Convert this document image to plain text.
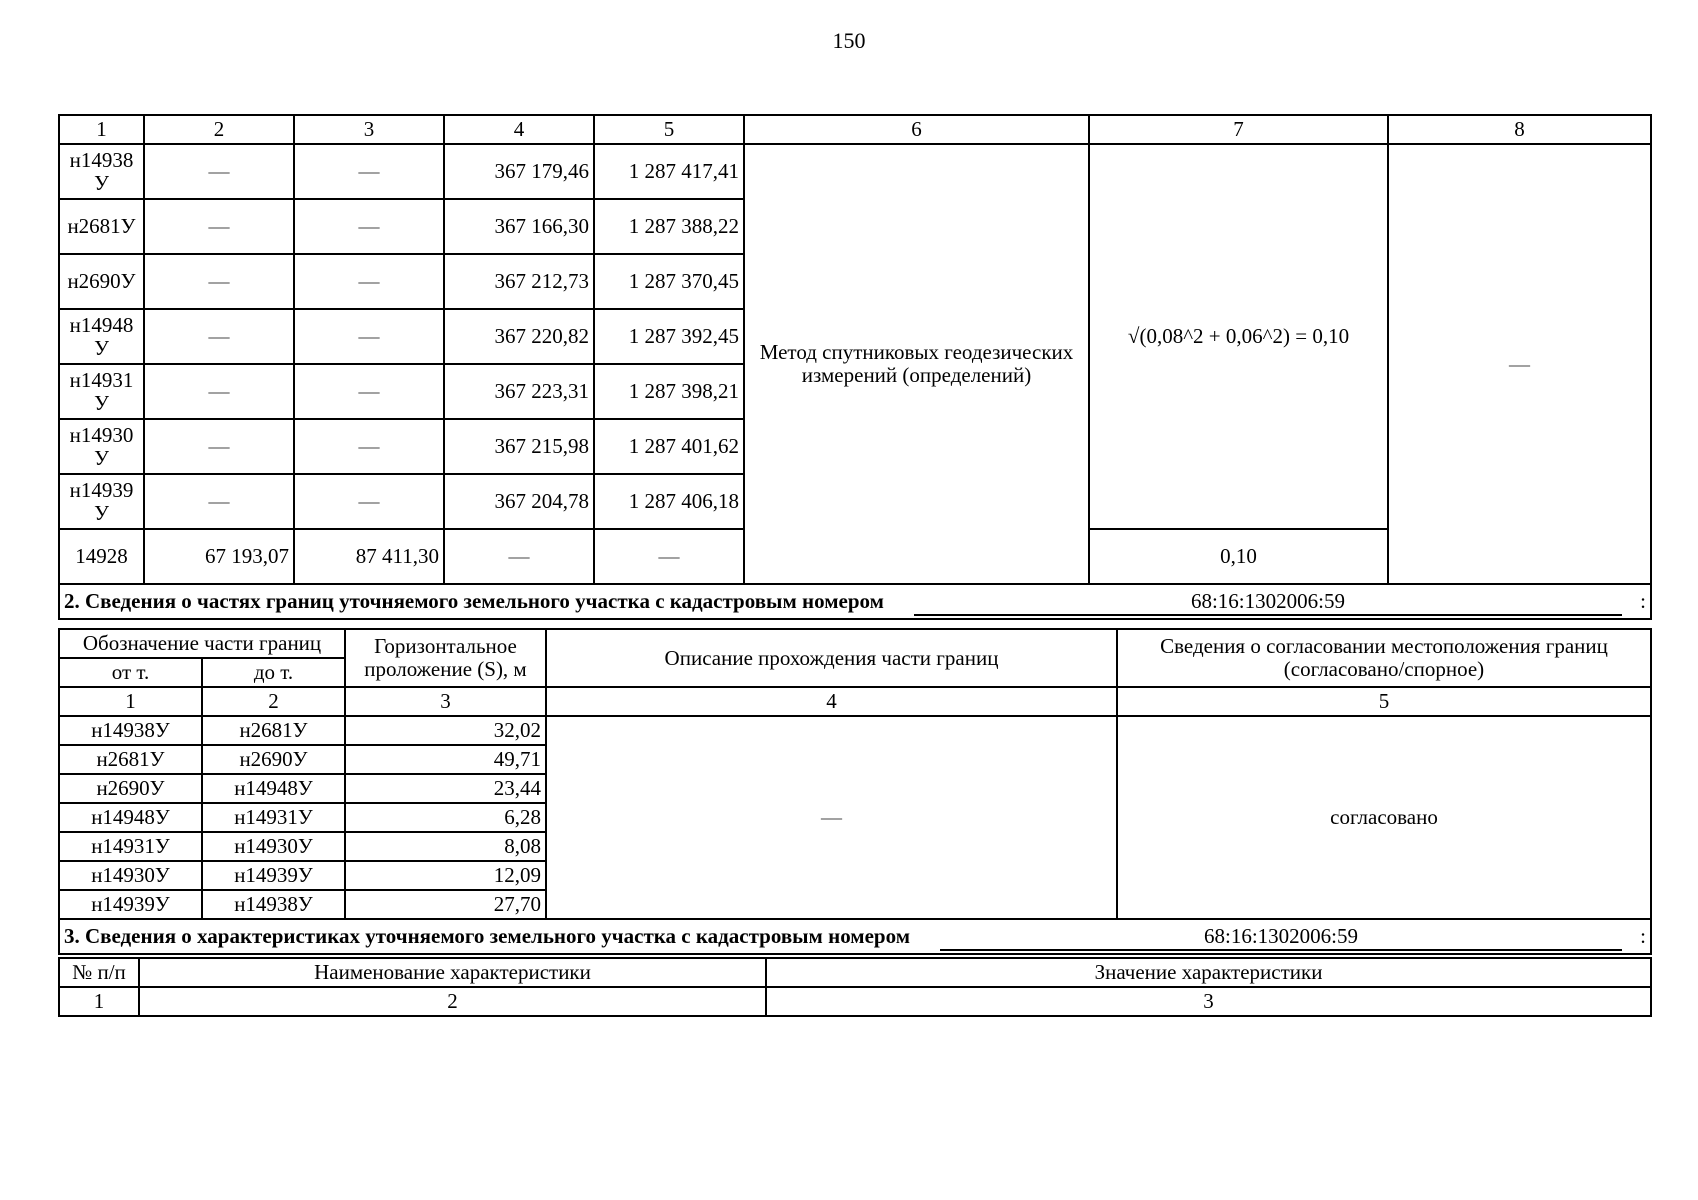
150
1	2	3	4	5	6	7	8
н14938 У	—	—	367 179,46	1 287 417,41	Метод спутниковых геодезических измерений (определений)	√(0,08^2 + 0,06^2) = 0,10	—
н2681У	—	—	367 166,30	1 287 388,22			
н2690У	—	—	367 212,73	1 287 370,45			
н14948 У	—	—	367 220,82	1 287 392,45			
н14931 У	—	—	367 223,31	1 287 398,21			
н14930 У	—	—	367 215,98	1 287 401,62			
н14939 У	—	—	367 204,78	1 287 406,18			
14928	67 193,07	87 411,30	—	—		0,10	

2. Сведения о частях границ уточняемого земельного участка с кадастровым номером 68:16:1302006:59 :							
Обозначение части границ		Горизонтальное проложение (S), м	Описание прохождения части границ	Сведения о согласовании местоположения границ (согласовано/спорное)
от т.	до т.			
1	2	3	4	5
н14938У	н2681У	32,02	—	согласовано
н2681У	н2690У	49,71		
н2690У	н14948У	23,44		
н14948У	н14931У	6,28		
н14931У	н14930У	8,08		
н14930У	н14939У	12,09		
н14939У	н14938У	27,70		

3. Сведения о характеристиках уточняемого земельного участка с кадастровым номером 68:16:1302006:59 :				
№ п/п	Наименование характеристики	Значение характеристики
1	2	3
